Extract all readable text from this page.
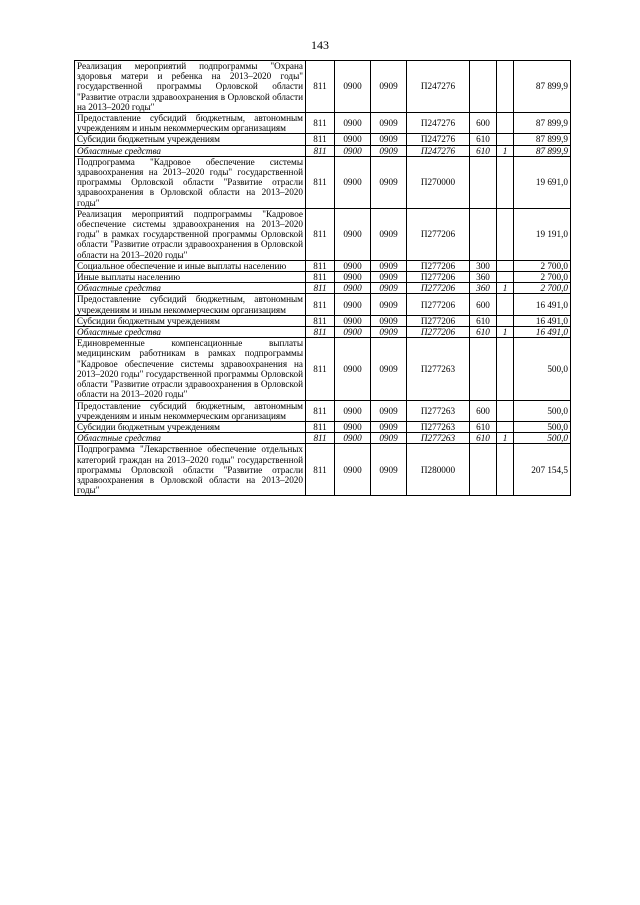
143
Реализация мероприятий подпрограммы "Охрана здоровья матери и ребенка на 2013–2020 годы" государственной программы Орловской области "Развитие отрасли здравоохранения в Орловской области на 2013–2020 годы"	811	0900	0909	П247276			87 899,9
Предоставление субсидий бюджетным, автономным учреждениям и иным некоммерческим организациям	811	0900	0909	П247276	600		87 899,9
Субсидии бюджетным учреждениям	811	0900	0909	П247276	610		87 899,9
Областные средства	811	0900	0909	П247276	610	1	87 899,9
Подпрограмма "Кадровое обеспечение системы здравоохранения на 2013–2020 годы" государственной программы Орловской области "Развитие отрасли здравоохранения в Орловской области на 2013–2020 годы"	811	0900	0909	П270000			19 691,0
Реализация мероприятий подпрограммы "Кадровое обеспечение системы здравоохранения на 2013–2020 годы" в рамках государственной программы Орловской области "Развитие отрасли здравоохранения в Орловской области на 2013–2020 годы"	811	0900	0909	П277206			19 191,0
Социальное обеспечение и иные выплаты населению	811	0900	0909	П277206	300		2 700,0
Иные выплаты населению	811	0900	0909	П277206	360		2 700,0
Областные средства	811	0900	0909	П277206	360	1	2 700,0
Предоставление субсидий бюджетным, автономным учреждениям и иным некоммерческим организациям	811	0900	0909	П277206	600		16 491,0
Субсидии бюджетным учреждениям	811	0900	0909	П277206	610		16 491,0
Областные средства	811	0900	0909	П277206	610	1	16 491,0
Единовременные компенсационные выплаты медицинским работникам в рамках подпрограммы "Кадровое обеспечение системы здравоохранения на 2013–2020 годы" государственной программы Орловской области "Развитие отрасли здравоохранения в Орловской области на 2013–2020 годы"	811	0900	0909	П277263			500,0
Предоставление субсидий бюджетным, автономным учреждениям и иным некоммерческим организациям	811	0900	0909	П277263	600		500,0
Субсидии бюджетным учреждениям	811	0900	0909	П277263	610		500,0
Областные средства	811	0900	0909	П277263	610	1	500,0
Подпрограмма "Лекарственное обеспечение отдельных категорий граждан на 2013–2020 годы" государственной программы Орловской области "Развитие отрасли здравоохранения в Орловской области на 2013–2020 годы"	811	0900	0909	П280000			207 154,5
